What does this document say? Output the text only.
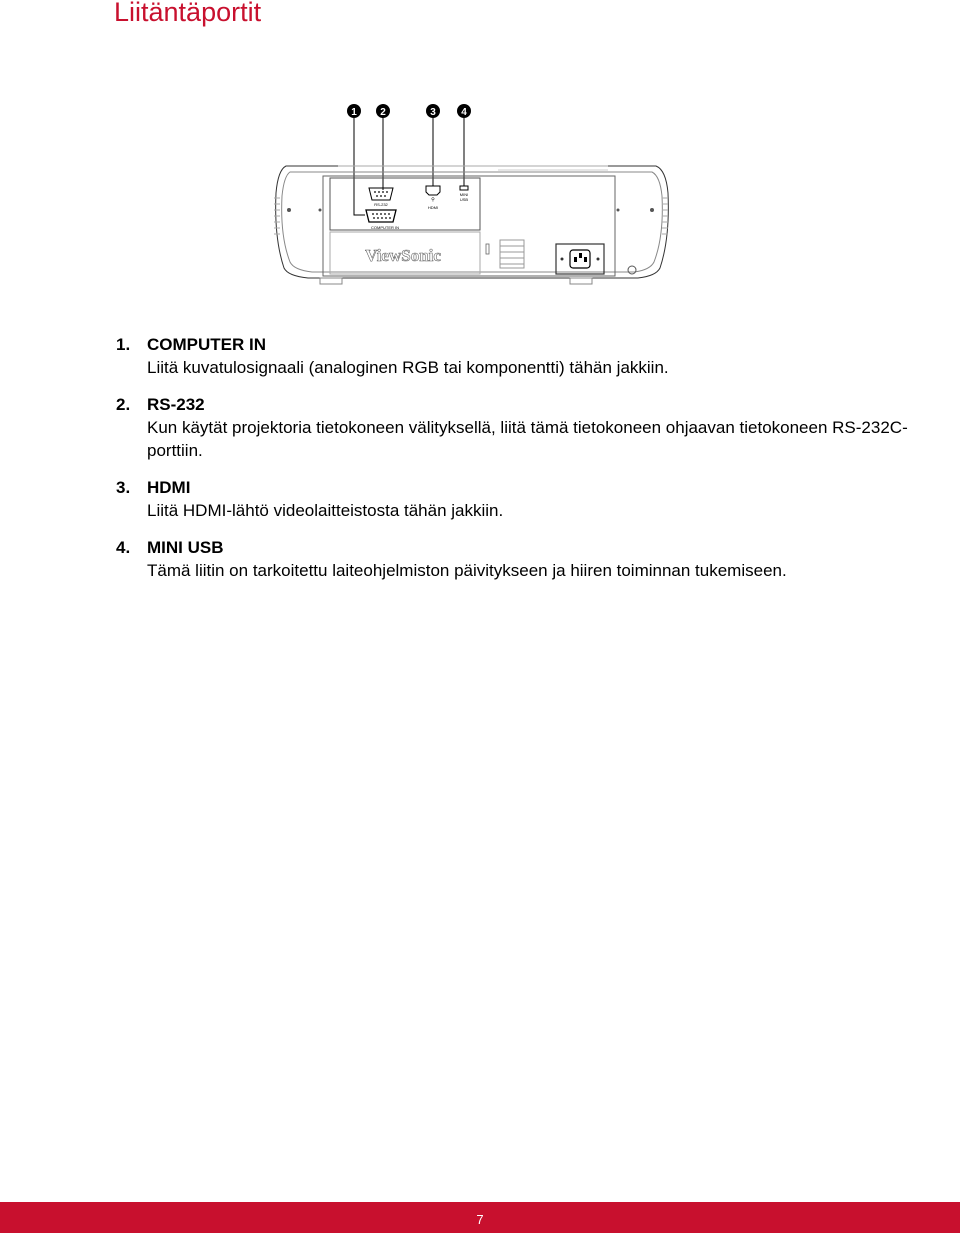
Liitäntäportit
1 2	3	4
RS-232
COMPUTER IN
⚲
HDMI
MINI
USB
ViewSonic
1. COMPUTER IN
Liitä kuvatulosignaali (analoginen RGB tai komponentti) tähän jakkiin.
2. RS-232
Kun käytät projektoria tietokoneen välityksellä, liitä tämä tietokoneen ohjaavan tietokoneen RS-232C-porttiin.
3. HDMI
Liitä HDMI-lähtö videolaitteistosta tähän jakkiin.
4. MINI USB
Tämä liitin on tarkoitettu laiteohjelmiston päivitykseen ja hiiren toiminnan tukemiseen.
7
